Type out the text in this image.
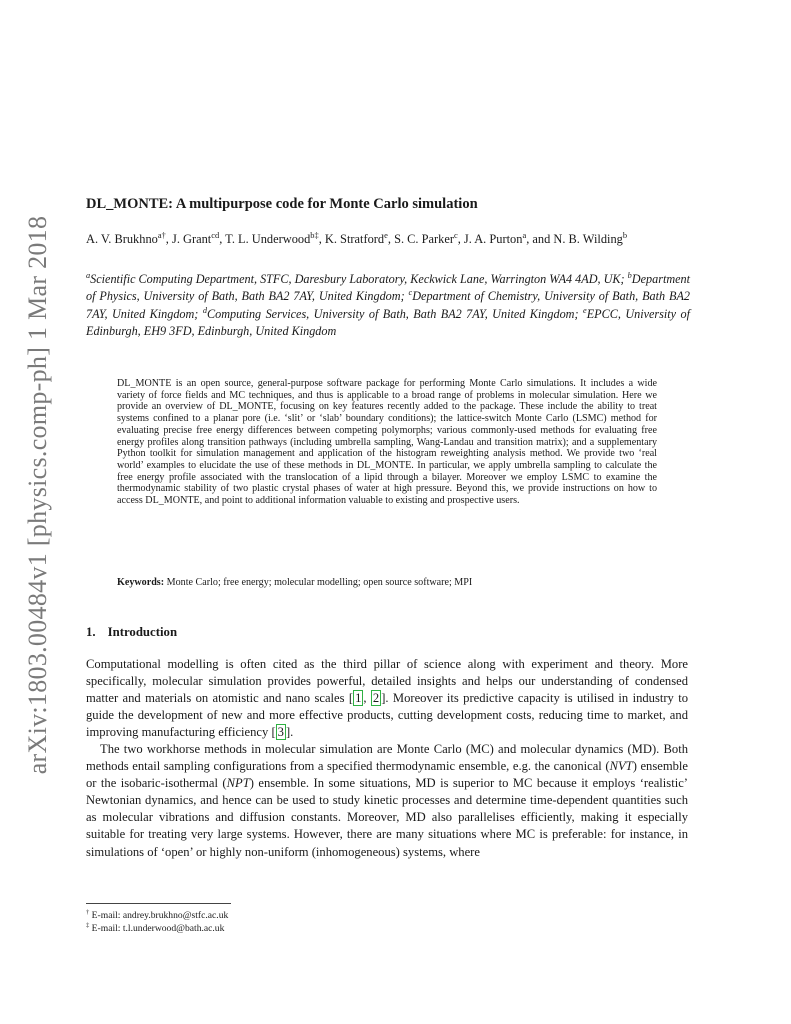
arXiv:1803.00484v1 [physics.comp-ph] 1 Mar 2018
DL_MONTE: A multipurpose code for Monte Carlo simulation
A. V. Brukhno$^{a\dagger}$, J. Grant$^{cd}$, T. L. Underwood$^{b\ddagger}$, K. Stratford$^e$, S. C. Parker$^c$, J. A. Purton$^a$, and N. B. Wilding$^b$
$^a$Scientific Computing Department, STFC, Daresbury Laboratory, Keckwick Lane, Warrington WA4 4AD, UK; $^b$Department of Physics, University of Bath, Bath BA2 7AY, United Kingdom; $^c$Department of Chemistry, University of Bath, Bath BA2 7AY, United Kingdom; $^d$Computing Services, University of Bath, Bath BA2 7AY, United Kingdom; $^e$EPCC, University of Edinburgh, EH9 3FD, Edinburgh, United Kingdom
DL_MONTE is an open source, general-purpose software package for performing Monte Carlo simulations. It includes a wide variety of force fields and MC techniques, and thus is applicable to a broad range of problems in molecular simulation. Here we provide an overview of DL_MONTE, focusing on key features recently added to the package. These include the ability to treat systems confined to a planar pore (i.e. ‘slit’ or ‘slab’ boundary conditions); the lattice-switch Monte Carlo (LSMC) method for evaluating precise free energy differences between competing polymorphs; various commonly-used methods for evaluating free energy profiles along transition pathways (including umbrella sampling, Wang-Landau and transition matrix); and a supplementary Python toolkit for simulation management and application of the histogram reweighting analysis method. We provide two ‘real world’ examples to elucidate the use of these methods in DL_MONTE. In particular, we apply umbrella sampling to calculate the free energy profile associated with the translocation of a lipid through a bilayer. Moreover we employ LSMC to examine the thermodynamic stability of two plastic crystal phases of water at high pressure. Beyond this, we provide instructions on how to access DL_MONTE, and point to additional information valuable to existing and prospective users.
Keywords: Monte Carlo; free energy; molecular modelling; open source software; MPI
1. Introduction

Computational modelling is often cited as the third pillar of science along with experiment and theory. More specifically, molecular simulation provides powerful, detailed insights and helps our understanding of condensed matter and materials on atomistic and nano scales [ 1 , 2 ]. Moreover its predictive capacity is utilised in industry to guide the development of new and more effective products, cutting development costs, reducing time to market, and improving manufacturing efficiency [ 3 ].

The two workhorse methods in molecular simulation are Monte Carlo (MC) and molecular dynamics (MD). Both methods entail sampling configurations from a specified thermodynamic ensemble, e.g. the canonical (NVT) ensemble or the isobaric-isothermal (NPT) ensemble. In some situations, MD is superior to MC because it employs ‘realistic’ Newtonian dynamics, and hence can be used to study kinetic processes and determine time-dependent quantities such as molecular vibrations and diffusion constants. Moreover, MD also parallelises efficiently, making it especially suitable for treating very large systems. However, there are many situations where MC is preferable: for instance, in simulations of ‘open’ or highly non-uniform (inhomogeneous) systems, where

† E-mail: andrey.brukhno@stfc.ac.uk
‡ E-mail: t.l.underwood@bath.ac.uk
